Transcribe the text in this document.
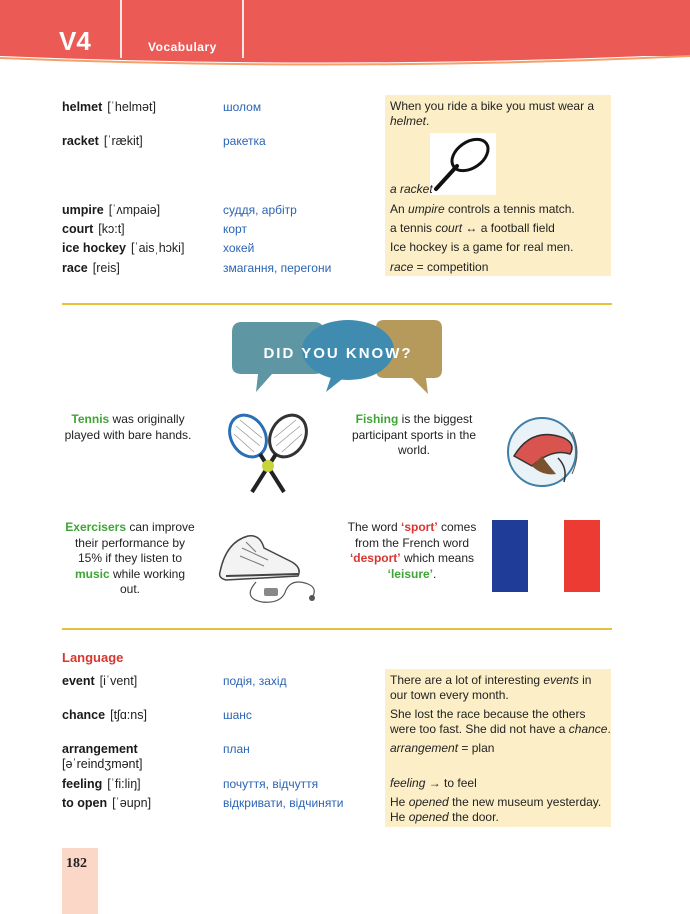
V4	Vocabulary
helmet [ˈhelmət]	шолом	When you ride a bike you must wear a
helmet.
racket [ˈrækit]	ракетка
a racket
umpire [ˈʌmpaiə]	суддя, арбітр	An umpire controls a tennis match.
court [kɔ:t]	корт	a tennis court ↔ a football field
ice hockey [ˈaisˌhɔki]	хокей	Ice hockey is a game for real men.
race [reis]	змагання, перегони	race = competition
DID YOU KNOW?
Tennis was originally
played with bare hands.
Fishing is the biggest
participant sports in the
world.
Exercisers can improve
their performance by
15% if they listen to
music while working
out.
The word ‘sport’ comes
from the French word
‘desport’ which means
‘leisure’.
Language
event [iˈvent]	подія, захід	There are a lot of interesting events in
our town every month.
chance [tʃɑ:ns]	шанс	She lost the race because the others
were too fast. She did not have a chance.
arrangement
[əˈreindʒmənt]
план	arrangement = plan
feeling [ˈfi:liŋ]	почуття, відчуття	feeling → to feel
to open [ˈəupn]	відкривати, відчиняти	He opened the new museum yesterday.
He opened the door.
182
